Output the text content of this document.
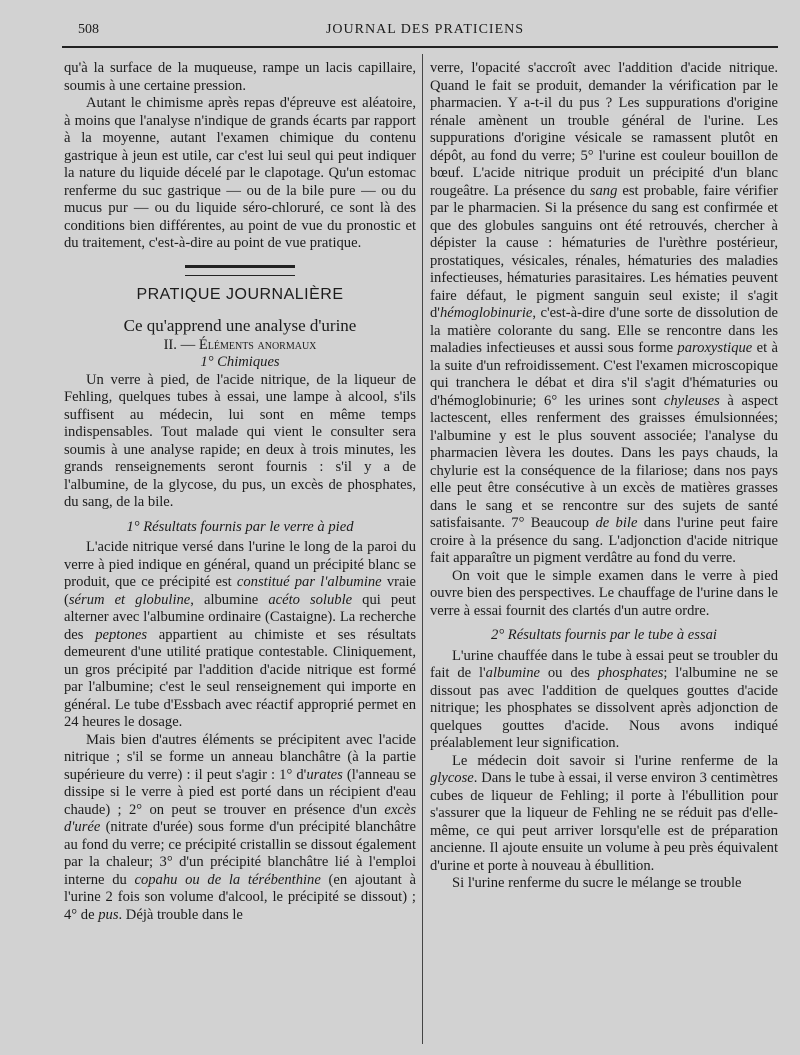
508	JOURNAL DES PRATICIENS

qu'à la surface de la muqueuse, rampe un lacis capillaire, soumis à une certaine pression.

Autant le chimisme après repas d'épreuve est aléatoire, à moins que l'analyse n'indique de grands écarts par rapport à la moyenne, autant l'examen chimique du contenu gastrique à jeun est utile, car c'est lui seul qui peut indiquer la nature du liquide décelé par le clapotage. Qu'un estomac renferme du suc gastrique — ou de la bile pure — ou du mucus pur — ou du liquide séro-chloruré, ce sont là des conditions bien différentes, au point de vue du pronostic et du traitement, c'est-à-dire au point de vue pratique.

PRATIQUE JOURNALIÈRE
Ce qu'apprend une analyse d'urine
II. — Éléments anormaux
1° Chimiques

Un verre à pied, de l'acide nitrique, de la liqueur de Fehling, quelques tubes à essai, une lampe à alcool, s'ils suffisent au médecin, lui sont en même temps indispensables. Tout malade qui vient le consulter sera soumis à une analyse rapide; en deux à trois minutes, les grands renseignements seront fournis : s'il y a de l'albumine, de la glycose, du pus, un excès de phosphates, du sang, de la bile.

1° Résultats fournis par le verre à pied

L'acide nitrique versé dans l'urine le long de la paroi du verre à pied indique en général, quand un précipité blanc se produit, que ce précipité est constitué par l'albumine vraie (sérum et globuline, albumine acéto soluble qui peut alterner avec l'albumine ordinaire (Castaigne). La recherche des peptones appartient au chimiste et ses résultats demeurent d'une utilité pratique contestable. Cliniquement, un gros précipité par l'addition d'acide nitrique est formé par l'albumine; c'est le seul renseignement qui importe en général. Le tube d'Essbach avec réactif approprié permet en 24 heures le dosage.

Mais bien d'autres éléments se précipitent avec l'acide nitrique ; s'il se forme un anneau blanchâtre (à la partie supérieure du verre) : il peut s'agir : 1° d'urates (l'anneau se dissipe si le verre à pied est porté dans un récipient d'eau chaude) ; 2° on peut se trouver en présence d'un excès d'urée (nitrate d'urée) sous forme d'un précipité blanchâtre au fond du verre; ce précipité cristallin se dissout également par la chaleur; 3° d'un précipité blanchâtre lié à l'emploi interne du copahu ou de la térébenthine (en ajoutant à l'urine 2 fois son volume d'alcool, le précipité se dissout) ; 4° de pus. Déjà trouble dans le

verre, l'opacité s'accroît avec l'addition d'acide nitrique. Quand le fait se produit, demander la vérification par le pharmacien. Y a-t-il du pus ? Les suppurations d'origine rénale amènent un trouble général de l'urine. Les suppurations d'origine vésicale se ramassent plutôt en dépôt, au fond du verre; 5° l'urine est couleur bouillon de bœuf. L'acide nitrique produit un précipité d'un blanc rougeâtre. La présence du sang est probable, faire vérifier par le pharmacien. Si la présence du sang est confirmée et que des globules sanguins ont été retrouvés, chercher à dépister la cause : hématuries de l'urèthre postérieur, prostatiques, vésicales, rénales, hématuries des maladies infectieuses, hématuries parasitaires. Les hématies peuvent faire défaut, le pigment sanguin seul existe; il s'agit d'hémoglobinurie, c'est-à-dire d'une sorte de dissolution de la matière colorante du sang. Elle se rencontre dans les maladies infectieuses et aussi sous forme paroxystique et à la suite d'un refroidissement. C'est l'examen microscopique qui tranchera le débat et dira s'il s'agit d'hématuries ou d'hémoglobinurie; 6° les urines sont chyleuses à aspect lactescent, elles renferment des graisses émulsionnées; l'albumine y est le plus souvent associée; l'analyse du pharmacien lèvera les doutes. Dans les pays chauds, la chylurie est la conséquence de la filariose; dans nos pays elle peut être consécutive à un excès de matières grasses dans le sang et se rencontre sur des sujets de santé satisfaisante. 7° Beaucoup de bile dans l'urine peut faire croire à la présence du sang. L'adjonction d'acide nitrique fait apparaître un pigment verdâtre au fond du verre.

On voit que le simple examen dans le verre à pied ouvre bien des perspectives. Le chauffage de l'urine dans le verre à essai fournit des clartés d'un autre ordre.

2° Résultats fournis par le tube à essai

L'urine chauffée dans le tube à essai peut se troubler du fait de l'albumine ou des phosphates; l'albumine ne se dissout pas avec l'addition de quelques gouttes d'acide nitrique; les phosphates se dissolvent après adjonction de quelques gouttes d'acide. Nous avons indiqué préalablement leur signification.

Le médecin doit savoir si l'urine renferme de la glycose. Dans le tube à essai, il verse environ 3 centimètres cubes de liqueur de Fehling; il porte à l'ébullition pour s'assurer que la liqueur de Fehling ne se réduit pas d'elle-même, ce qui peut arriver lorsqu'elle est de préparation ancienne. Il ajoute ensuite un volume à peu près équivalent d'urine et porte à nouveau à ébullition.

Si l'urine renferme du sucre le mélange se trouble
